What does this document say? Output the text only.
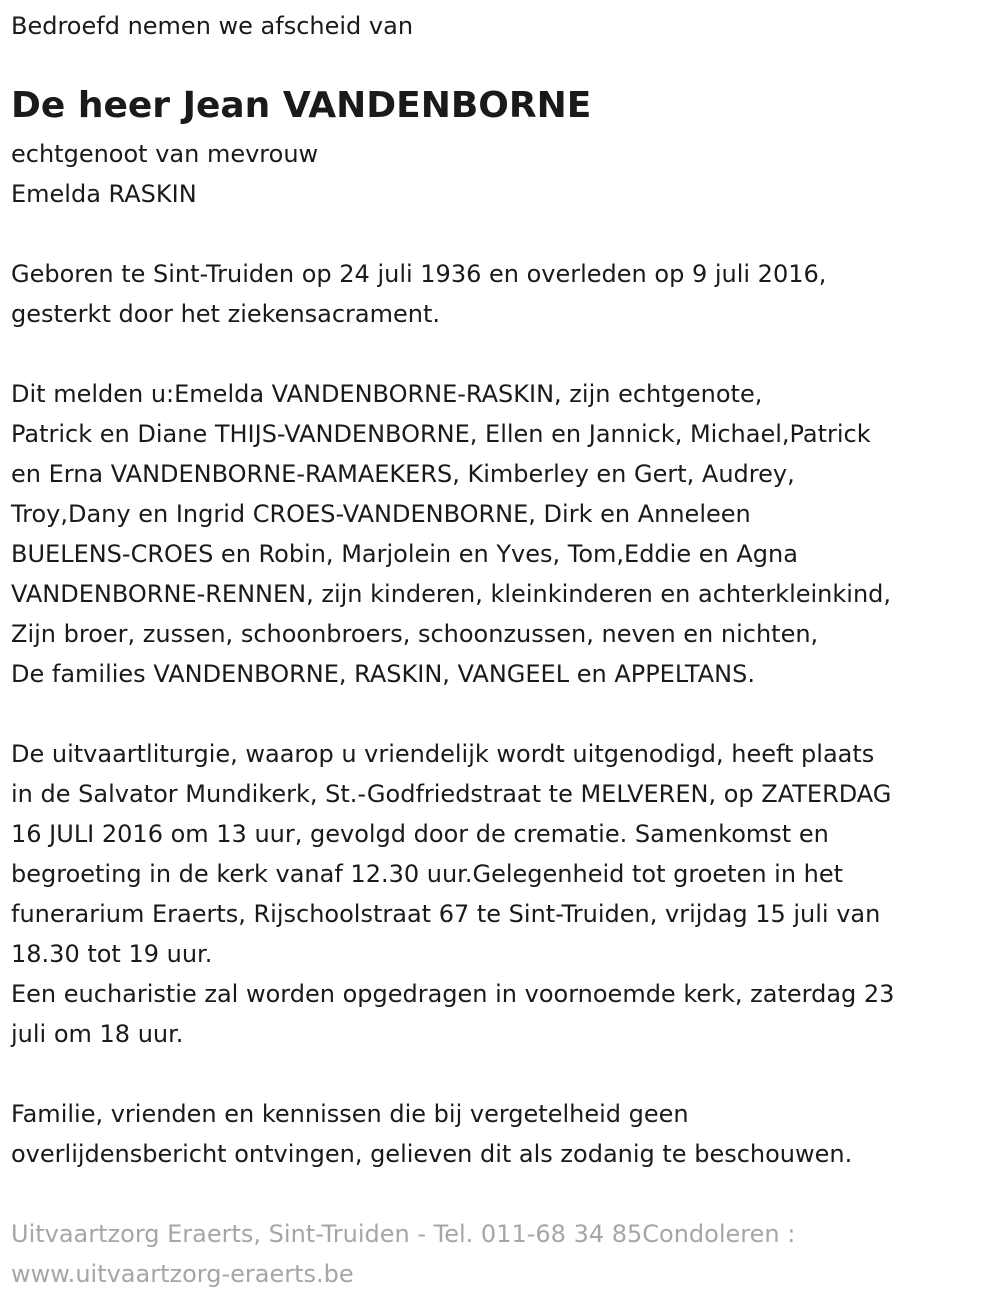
Bedroefd nemen we afscheid van
De heer Jean VANDENBORNE
echtgenoot van mevrouw
Emelda RASKIN
Geboren te Sint-Truiden op 24 juli 1936 en overleden op 9 juli 2016,
gesterkt door het ziekensacrament.
Dit melden u:Emelda VANDENBORNE-RASKIN, zijn echtgenote,
Patrick en Diane THIJS-VANDENBORNE, Ellen en Jannick, Michael,Patrick
en Erna VANDENBORNE-RAMAEKERS, Kimberley en Gert, Audrey,
Troy,Dany en Ingrid CROES-VANDENBORNE, Dirk en Anneleen
BUELENS-CROES en Robin, Marjolein en Yves, Tom,Eddie en Agna
VANDENBORNE-RENNEN, zijn kinderen, kleinkinderen en achterkleinkind,
Zijn broer, zussen, schoonbroers, schoonzussen, neven en nichten,
De families VANDENBORNE, RASKIN, VANGEEL en APPELTANS.
De uitvaartliturgie, waarop u vriendelijk wordt uitgenodigd, heeft plaats
in de Salvator Mundikerk, St.-Godfriedstraat te MELVEREN, op ZATERDAG
16 JULI 2016 om 13 uur, gevolgd door de crematie. Samenkomst en
begroeting in de kerk vanaf 12.30 uur.Gelegenheid tot groeten in het
funerarium Eraerts, Rijschoolstraat 67 te Sint-Truiden, vrijdag 15 juli van
18.30 tot 19 uur.
Een eucharistie zal worden opgedragen in voornoemde kerk, zaterdag 23
juli om 18 uur.
Familie, vrienden en kennissen die bij vergetelheid geen
overlijdensbericht ontvingen, gelieven dit als zodanig te beschouwen.
Uitvaartzorg Eraerts, Sint-Truiden - Tel. 011-68 34 85Condoleren :
www.uitvaartzorg-eraerts.be
